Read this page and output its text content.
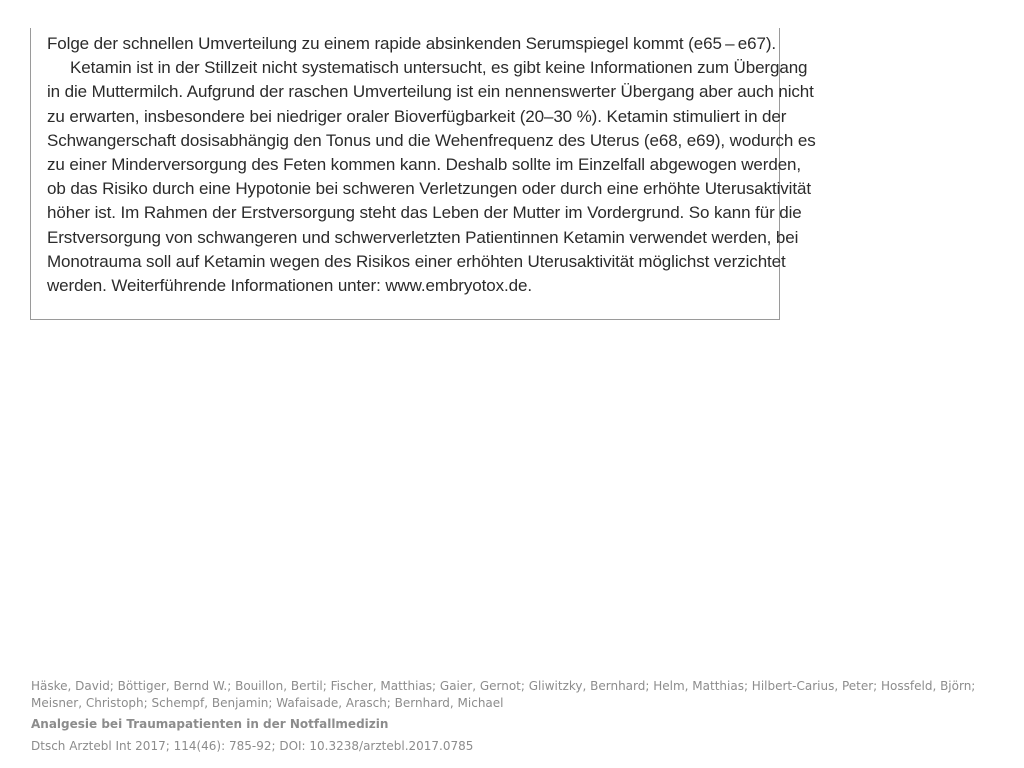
Folge der schnellen Umverteilung zu einem rapide absinkenden Serumspiegel kommt (e65 – e67).
Ketamin ist in der Stillzeit nicht systematisch untersucht, es gibt keine Informationen zum Übergang
in die Muttermilch. Aufgrund der raschen Umverteilung ist ein nennenswerter Übergang aber auch nicht
zu erwarten, insbesondere bei niedriger oraler Bioverfügbarkeit (20–30 %). Ketamin stimuliert in der
Schwangerschaft dosisabhängig den Tonus und die Wehenfrequenz des Uterus (e68, e69), wodurch es
zu einer Minderversorgung des Feten kommen kann. Deshalb sollte im Einzelfall abgewogen werden,
ob das Risiko durch eine Hypotonie bei schweren Verletzungen oder durch eine erhöhte Uterusaktivität
höher ist. Im Rahmen der Erstversorgung steht das Leben der Mutter im Vordergrund. So kann für die
Erstversorgung von schwangeren und schwerverletzten Patientinnen Ketamin verwendet werden, bei
Monotrauma soll auf Ketamin wegen des Risikos einer erhöhten Uterusaktivität möglichst verzichtet
werden. Weiterführende Informationen unter: www.embryotox.de.
Häske, David; Böttiger, Bernd W.; Bouillon, Bertil; Fischer, Matthias; Gaier, Gernot; Gliwitzky, Bernhard; Helm, Matthias; Hilbert-Carius, Peter; Hossfeld, Björn; Meisner, Christoph; Schempf, Benjamin; Wafaisade, Arasch; Bernhard, Michael
Analgesie bei Traumapatienten in der Notfallmedizin
Dtsch Arztebl Int 2017; 114(46): 785-92; DOI: 10.3238/arztebl.2017.0785
